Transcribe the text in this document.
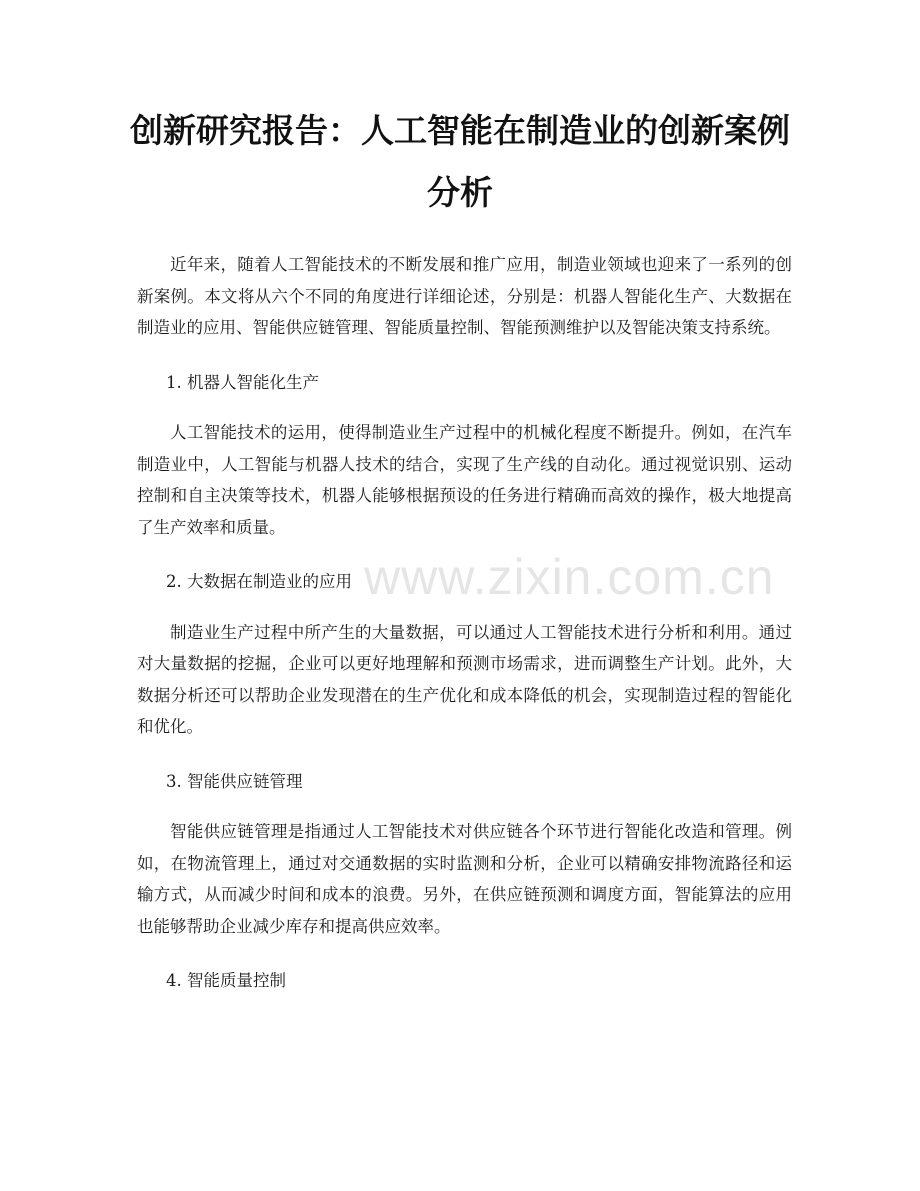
创新研究报告：人工智能在制造业的创新案例分析

近年来，随着人工智能技术的不断发展和推广应用，制造业领域也迎来了一系列的创新案例。本文将从六个不同的角度进行详细论述，分别是：机器人智能化生产、大数据在制造业的应用、智能供应链管理、智能质量控制、智能预测维护以及智能决策支持系统。

1. 机器人智能化生产

人工智能技术的运用，使得制造业生产过程中的机械化程度不断提升。例如，在汽车制造业中，人工智能与机器人技术的结合，实现了生产线的自动化。通过视觉识别、运动控制和自主决策等技术，机器人能够根据预设的任务进行精确而高效的操作，极大地提高了生产效率和质量。

2. 大数据在制造业的应用

制造业生产过程中所产生的大量数据，可以通过人工智能技术进行分析和利用。通过对大量数据的挖掘，企业可以更好地理解和预测市场需求，进而调整生产计划。此外，大数据分析还可以帮助企业发现潜在的生产优化和成本降低的机会，实现制造过程的智能化和优化。

3. 智能供应链管理

智能供应链管理是指通过人工智能技术对供应链各个环节进行智能化改造和管理。例如，在物流管理上，通过对交通数据的实时监测和分析，企业可以精确安排物流路径和运输方式，从而减少时间和成本的浪费。另外，在供应链预测和调度方面，智能算法的应用也能够帮助企业减少库存和提高供应效率。

4. 智能质量控制
www.zixin.com.cn
